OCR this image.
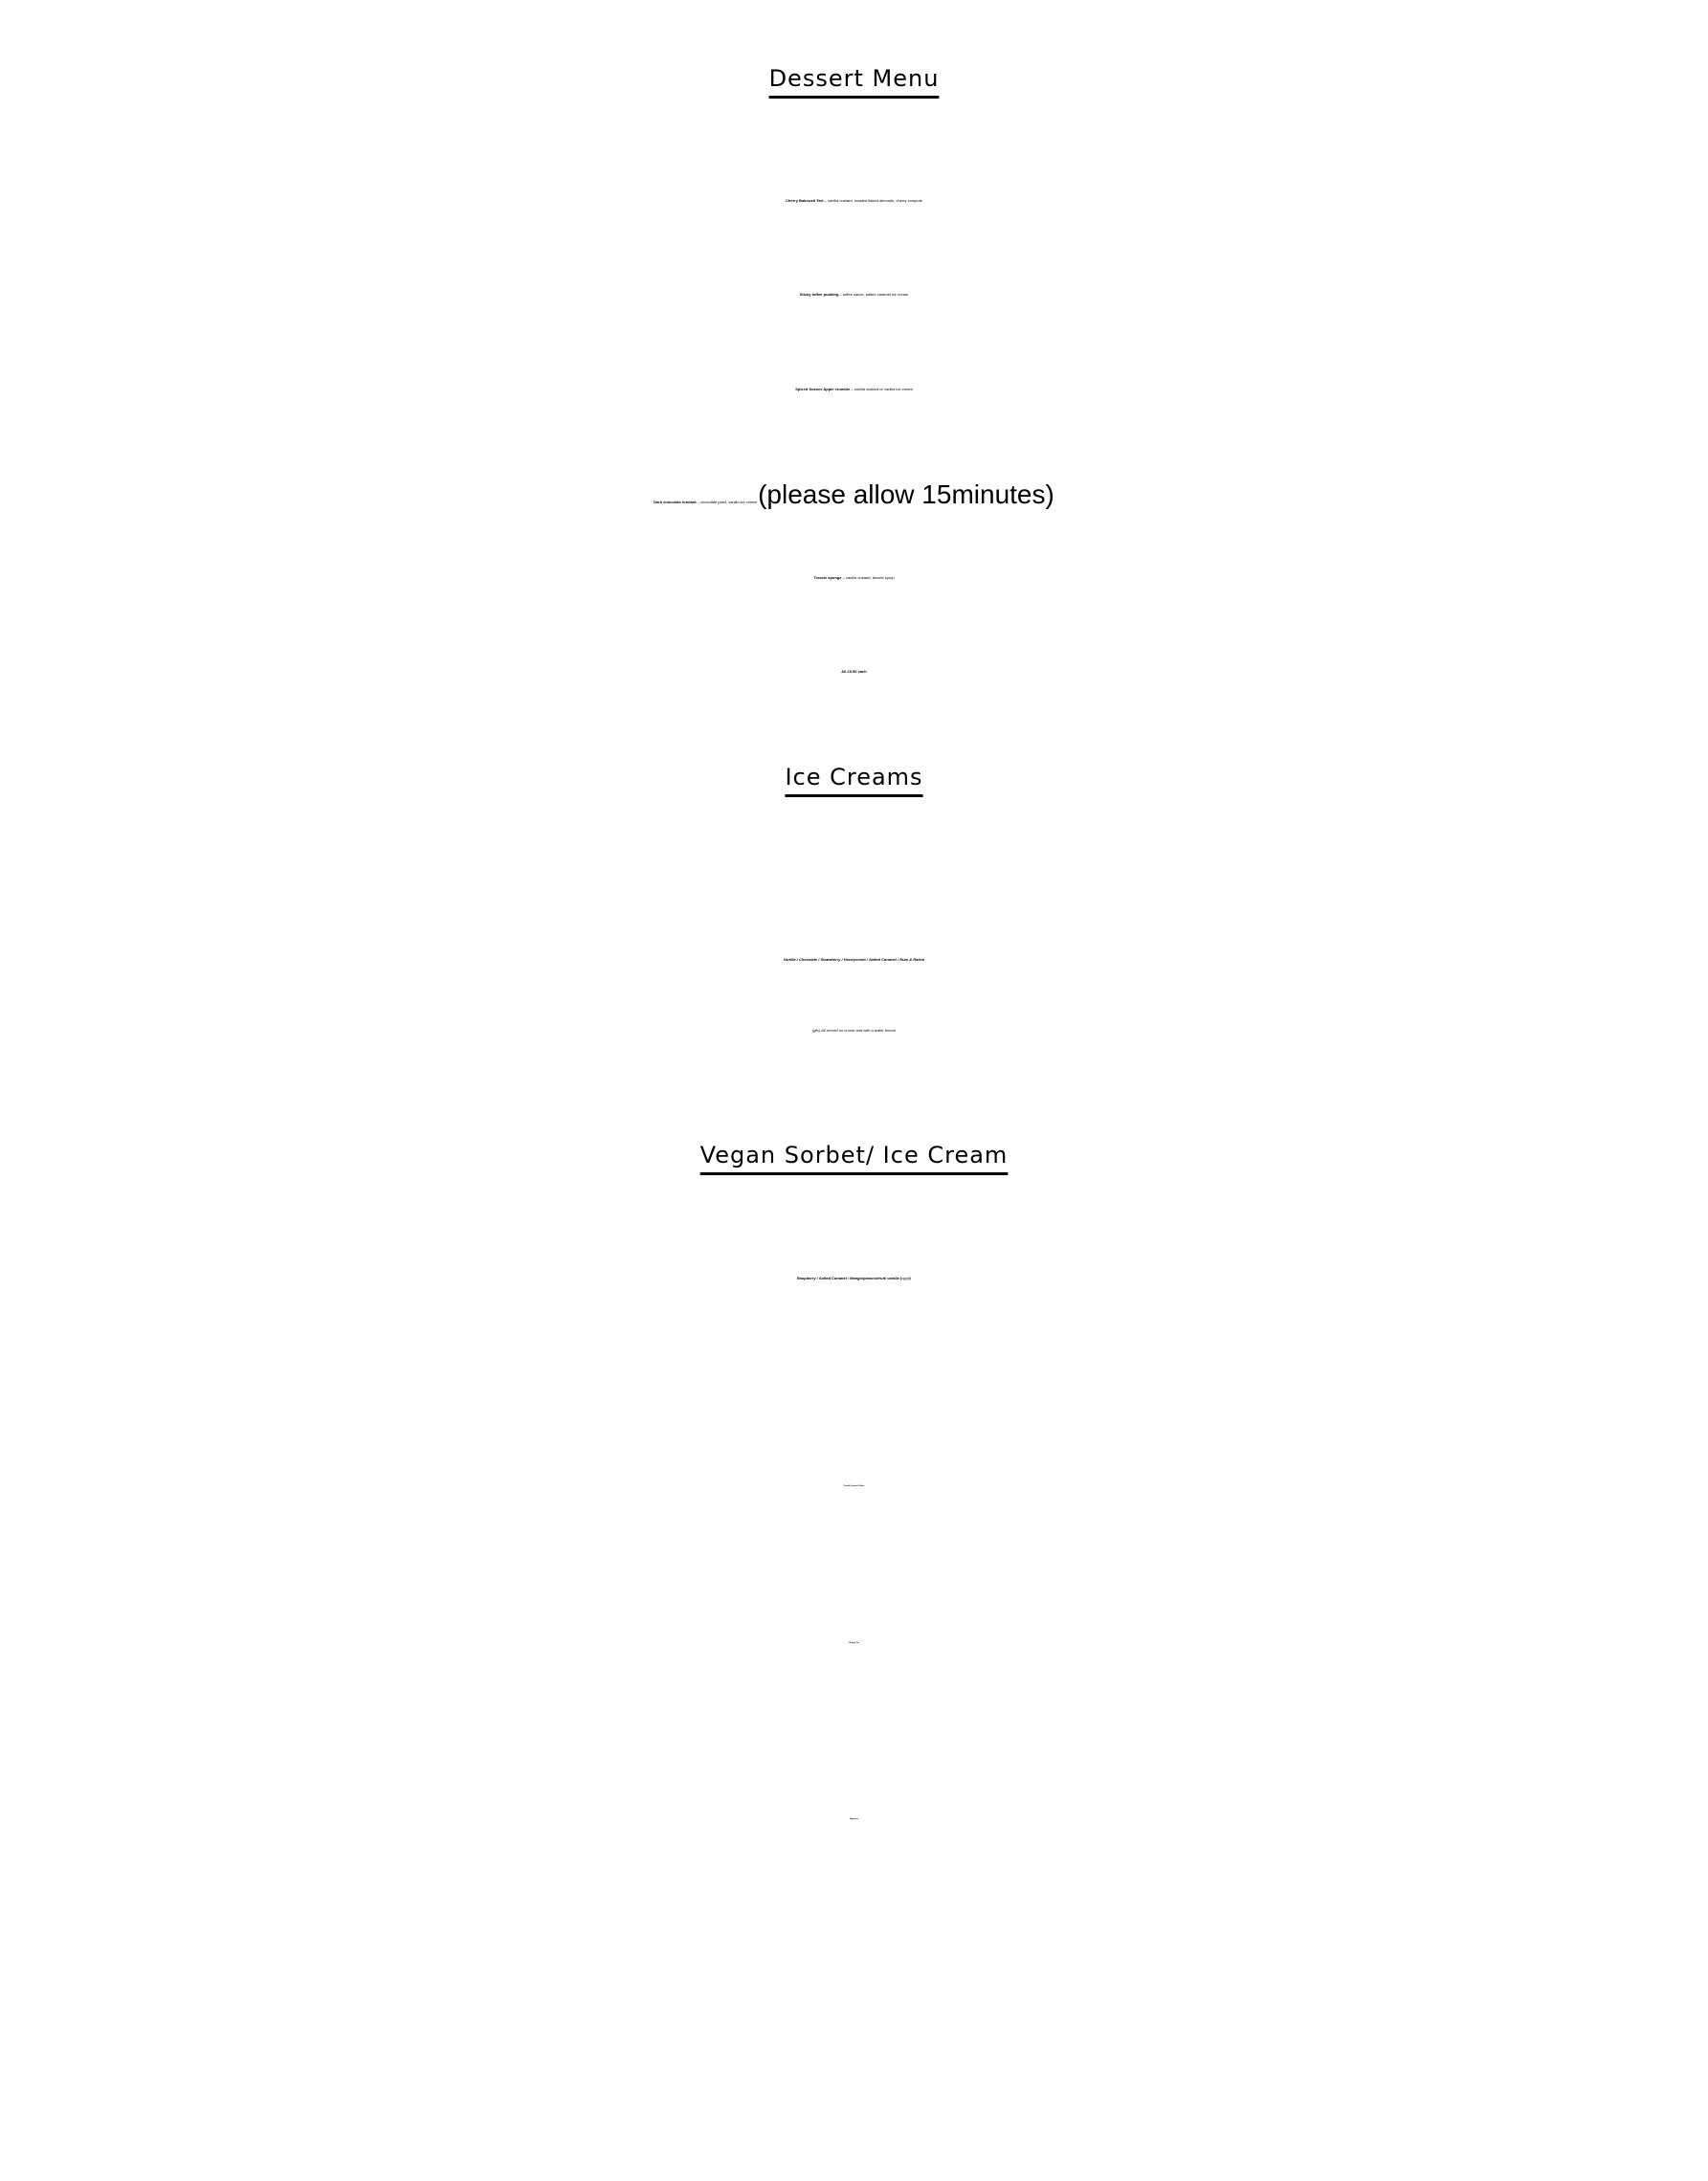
Dessert Menu
Cherry Bakewell Tart – vanilla custard, roasted flaked almonds, cherry compote
Sticky toffee pudding – toffee sauce, salted caramel ice cream
Spiced Sussex Apple crumble – vanilla custard or vanilla ice cream
Dark chocolate fondant – chocolate paint, vanilla ice cream (please allow 15minutes)
Treacle sponge – vanilla custard, treacle syrup
All £9.50 each
Ice Creams
Vanilla / Chocolate / Strawberry / Honeycomb / Salted Caramel / Rum & Raisin
(gfo) All served on crumb and with a wafer biscuit
Vegan Sorbet/ Ice Cream
Raspberry / Salted Caramel / Mango/passionfruit/ vanilla (vg/gf)
Freshly Ground Coffee
Hoogly Tea
Digestivo
